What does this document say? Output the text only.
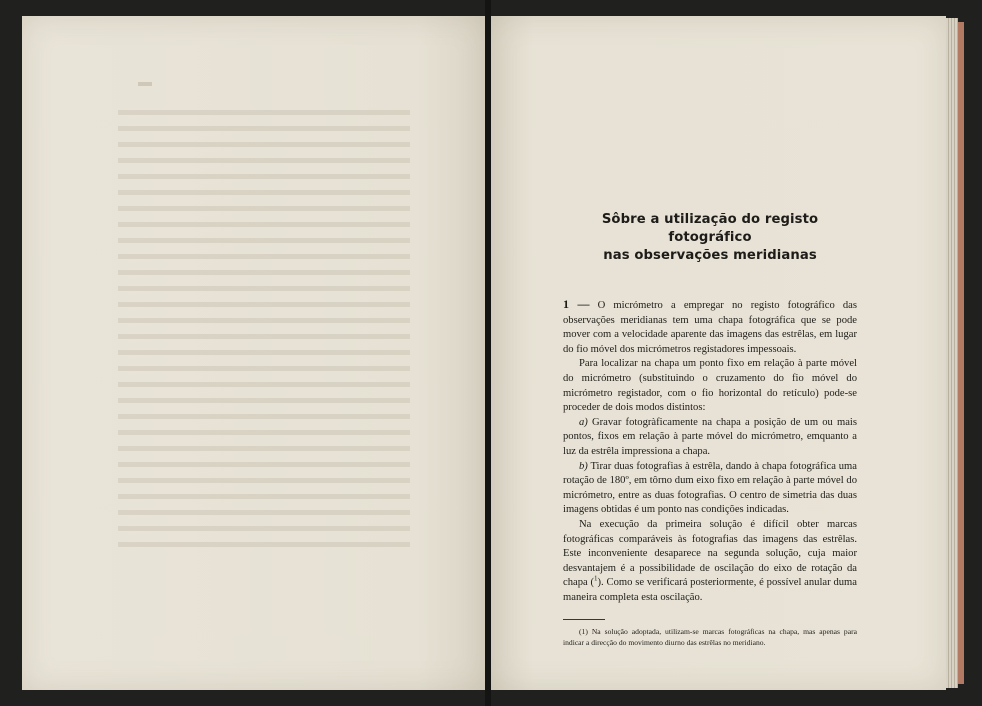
Sôbre a utilização do registo fotográfico
nas observações meridianas

1 — O micrómetro a empregar no registo fotográfico das observações meridianas tem uma chapa fotográfica que se pode mover com a velocidade aparente das imagens das estrêlas, em lugar do fio móvel dos micrómetros registadores impessoais.

Para localizar na chapa um ponto fixo em relação à parte móvel do micrómetro (substituindo o cruzamento do fio móvel do micrómetro registador, com o fio horizontal do retículo) pode-se proceder de dois modos distintos:

a) Gravar fotogràficamente na chapa a posição de um ou mais pontos, fixos em relação à parte móvel do micrómetro, emquanto a luz da estrêla impressiona a chapa.

b) Tirar duas fotografias à estrêla, dando à chapa fotográfica uma rotação de 180º, em tôrno dum eixo fixo em relação à parte móvel do micrómetro, entre as duas fotografias. O centro de simetria das duas imagens obtidas é um ponto nas condições indicadas.

Na execução da primeira solução é difícil obter marcas fotográficas comparáveis às fotografias das imagens das estrêlas. Este inconveniente desaparece na segunda solução, cuja maior desvantajem é a possibilidade de oscilação do eixo de rotação da chapa ($^1$). Como se verificará posteriormente, é possível anular duma maneira completa esta oscilação.

(1) Na solução adoptada, utilizam-se marcas fotográficas na chapa, mas apenas para indicar a direcção do movimento diurno das estrêlas no meridiano.
